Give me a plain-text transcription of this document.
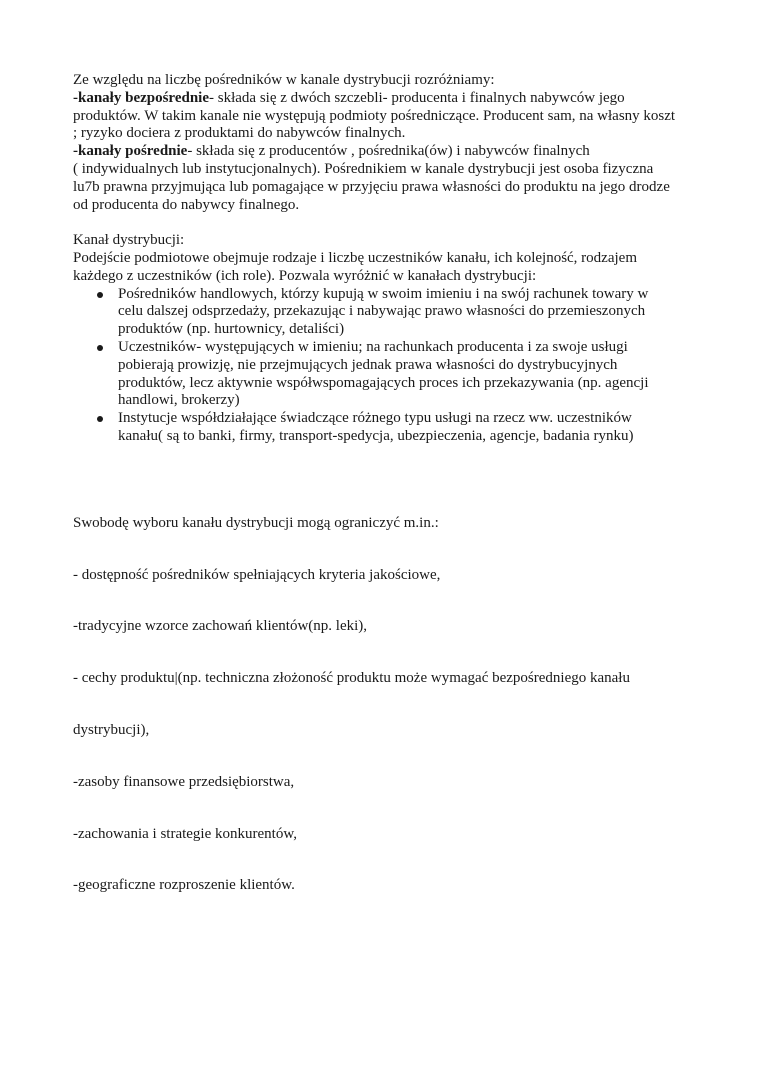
Ze względu na liczbę pośredników w kanale dystrybucji rozróżniamy:
-kanały bezpośrednie- składa się z dwóch szczebli- producenta i finalnych nabywców jego
produktów. W takim kanale nie występują podmioty pośredniczące. Producent sam, na własny koszt
; ryzyko dociera z produktami do nabywców finalnych.
-kanały pośrednie- składa się z producentów , pośrednika(ów) i nabywców finalnych
( indywidualnych lub instytucjonalnych). Pośrednikiem w kanale dystrybucji jest osoba fizyczna
lu7b prawna przyjmująca lub pomagające w przyjęciu prawa własności do produktu na jego drodze
od producenta do nabywcy finalnego.
Kanał dystrybucji:
Podejście podmiotowe obejmuje rodzaje i liczbę uczestników kanału, ich kolejność, rodzajem
każdego z uczestników (ich role). Pozwala wyróżnić w kanałach dystrybucji:
Pośredników handlowych, którzy kupują w swoim imieniu i na swój rachunek towary w
celu dalszej odsprzedaży, przekazując i nabywając prawo własności do przemieszonych
produktów (np. hurtownicy, detaliści)
Uczestników- występujących w imieniu; na rachunkach producenta i za swoje usługi
pobierają prowizję, nie przejmujących jednak prawa własności do dystrybucyjnych
produktów, lecz aktywnie współwspomagających proces ich przekazywania (np. agencji
handlowi, brokerzy)
Instytucje współdziałające świadczące różnego typu usługi na rzecz ww. uczestników
kanału( są to banki, firmy, transport-spedycja, ubezpieczenia, agencje, badania rynku)

Swobodę wyboru kanału dystrybucji mogą ograniczyć m.in.:

- dostępność pośredników spełniających kryteria jakościowe,

-tradycyjne wzorce zachowań klientów(np. leki),

- cechy produktu|(np. techniczna złożoność produktu może wymagać bezpośredniego kanału

dystrybucji),

-zasoby finansowe przedsiębiorstwa,

-zachowania i strategie konkurentów,

-geograficzne rozproszenie klientów.
